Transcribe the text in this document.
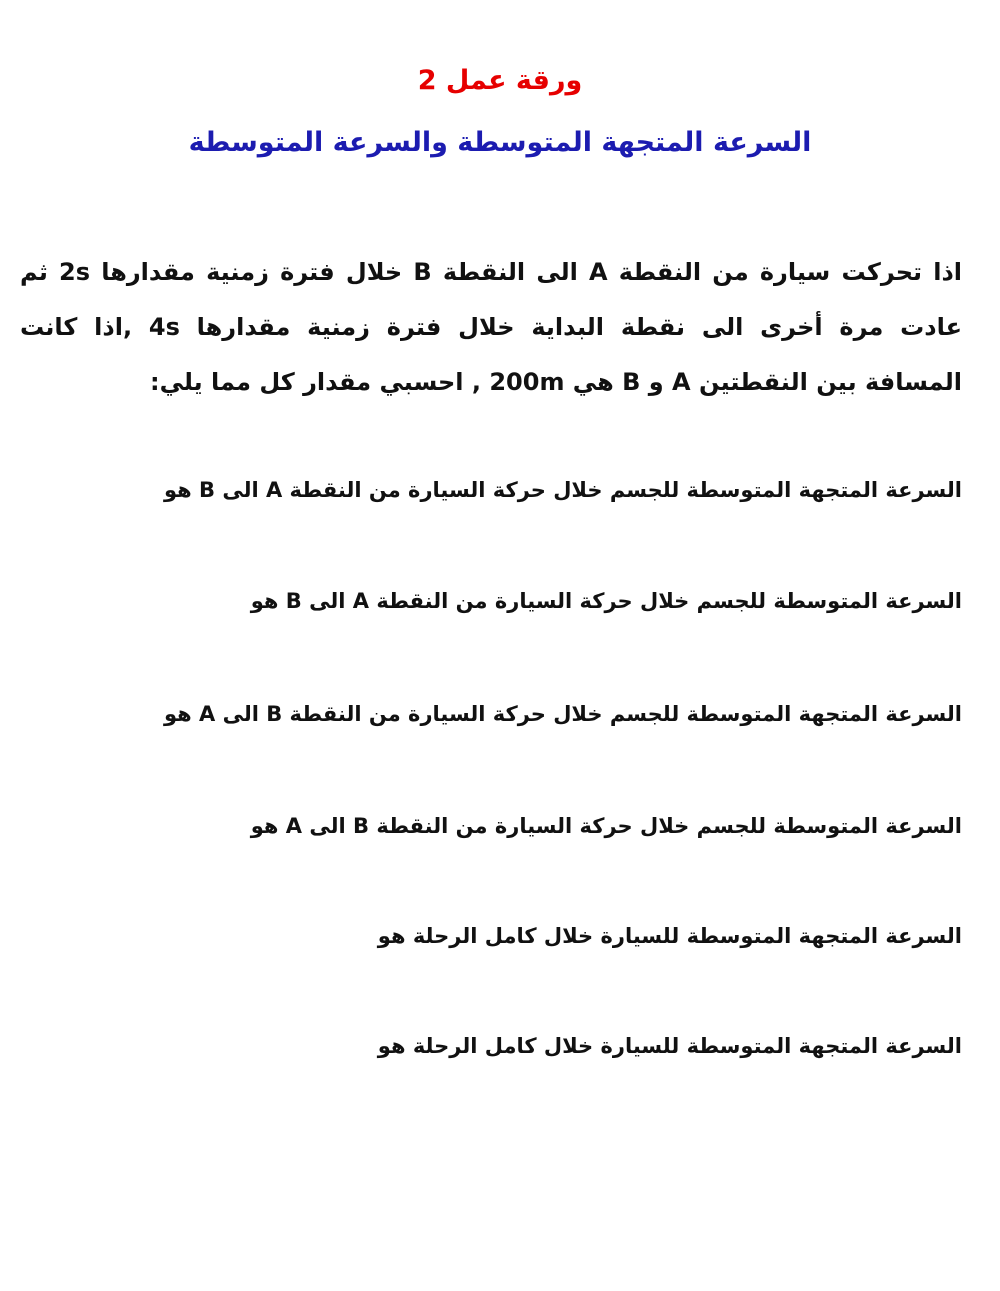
ورقة عمل 2
السرعة المتجهة المتوسطة والسرعة المتوسطة
اذا تحركت سيارة من النقطة A الى النقطة B خلال فترة زمنية مقدارها 2s ثم عادت مرة أخرى الى نقطة البداية خلال فترة زمنية مقدارها 4s ,اذا كانت المسافة بين النقطتين A و B هي 200m , احسبي مقدار كل مما يلي:
السرعة المتجهة المتوسطة للجسم خلال حركة السيارة من النقطة A الى B هو
السرعة المتوسطة للجسم خلال حركة السيارة من النقطة A الى B هو
السرعة المتجهة المتوسطة للجسم خلال حركة السيارة من النقطة B الى A هو
السرعة المتوسطة للجسم خلال حركة السيارة من النقطة B الى A هو
السرعة المتجهة المتوسطة للسيارة خلال كامل الرحلة هو
السرعة المتجهة المتوسطة للسيارة خلال كامل الرحلة هو
